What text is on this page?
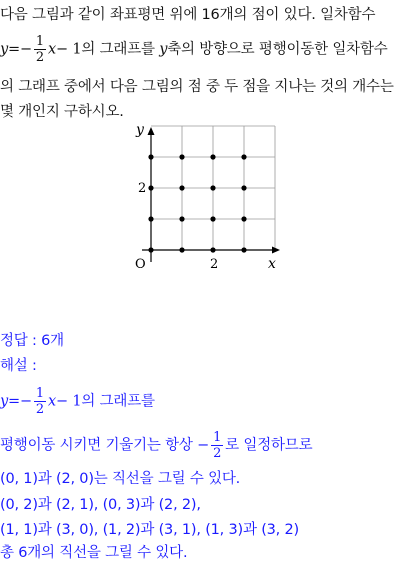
다음 그림과 같이 좌표평면 위에 16개의 점이 있다. 일차함수
$y=- \frac{1}{2} x- 1$의 그래프를 y축의 방향으로 평행이동한 일차함수
의 그래프 중에서 다음 그림의 점 중 두 점을 지나는 것의 개수는
몇 개인지 구하시오.
y
x
O	2
2
정답 : 6개
해설 :
$y=- \frac{1}{2} x- 1$의 그래프를
평행이동 시키면 기울기는 항상 − $\frac{1}{2}$ 로 일정하므로
(0, 1)과 (2, 0)는 직선을 그릴 수 있다.
(0, 2)과 (2, 1), (0, 3)과 (2, 2),
(1, 1)과 (3, 0), (1, 2)과 (3, 1), (1, 3)과 (3, 2)
총 6개의 직선을 그릴 수 있다.
